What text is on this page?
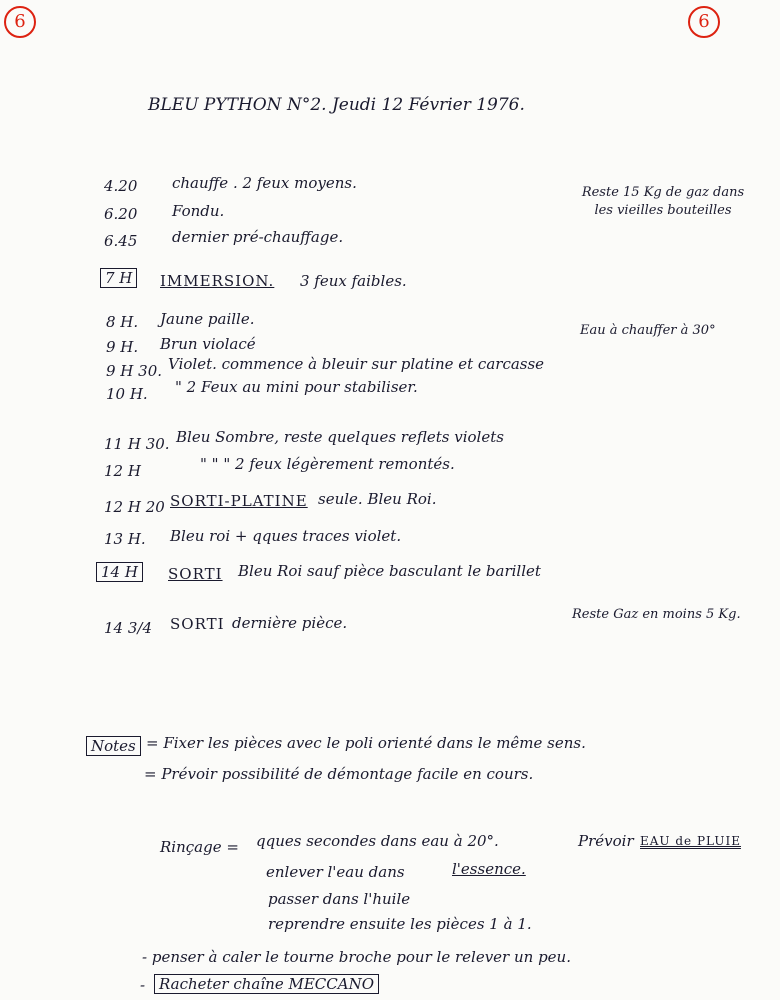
6	6
BLEU PYTHON N°2. Jeudi 12 Février 1976.
4.20 chauffe . 2 feux moyens.
6.20 Fondu.
6.45 dernier pré-chauffage.
Reste 15 Kg de gaz dans les vieilles bouteilles
7 H	IMMERSION. 3 feux faibles.
8 H. Jaune paille.
9 H. Brun violacé
9 H 30. Violet. commence à bleuir sur platine et carcasse
10 H. " 2 Feux au mini pour stabiliser.
Eau à chauffer à 30°
11 H 30. Bleu Sombre, reste quelques reflets violets
12 H	" " " 2 feux légèrement remontés.
12 H 20 SORTI-PLATINE seule. Bleu Roi.
13 H. Bleu roi + qques traces violet.
14 H	SORTI Bleu Roi sauf pièce basculant le barillet
14 3/4 SORTI dernière pièce.	Reste Gaz en moins 5 Kg.
Notes = Fixer les pièces avec le poli orienté dans le même sens.
= Prévoir possibilité de démontage facile en cours.
Rinçage = qques secondes dans eau à 20°.	Prévoir EAU de PLUIE
enlever l'eau dans	l'essence.
passer dans l'huile
reprendre ensuite les pièces 1 à 1.
- penser à caler le tourne broche pour le relever un peu.
- Racheter chaîne MECCANO
